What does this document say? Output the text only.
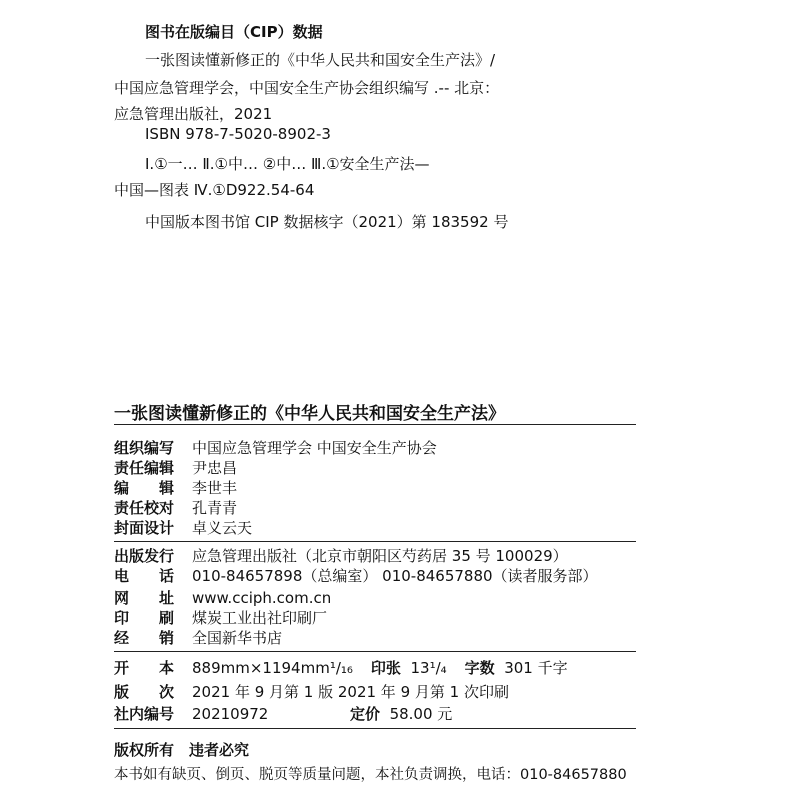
图书在版编目（CIP）数据
一张图读懂新修正的《中华人民共和国安全生产法》/
中国应急管理学会，中国安全生产协会组织编写 .-- 北京：
应急管理出版社，2021
ISBN 978-7-5020-8902-3
Ⅰ.①一… Ⅱ.①中… ②中… Ⅲ.①安全生产法—
中国—图表 Ⅳ.①D922.54-64
中国版本图书馆 CIP 数据核字（2021）第 183592 号
一张图读懂新修正的《中华人民共和国安全生产法》
组织编写 中国应急管理学会 中国安全生产协会
责任编辑 尹忠昌
编　　辑 李世丰
责任校对 孔青青
封面设计 卓义云天
出版发行 应急管理出版社（北京市朝阳区芍药居 35 号 100029）
电　　话 010-84657898（总编室） 010-84657880（读者服务部）
网　　址 www.cciph.com.cn
印　　刷 煤炭工业出社印刷厂
经　　销 全国新华书店
开　　本 889mm×1194mm¹/₁₆ 印张 13¹/₄ 字数 301 千字
版　　次 2021 年 9 月第 1 版 2021 年 9 月第 1 次印刷
社内编号 20210972	定价 58.00 元
版权所有　违者必究
本书如有缺页、倒页、脱页等质量问题，本社负责调换，电话：010-84657880
